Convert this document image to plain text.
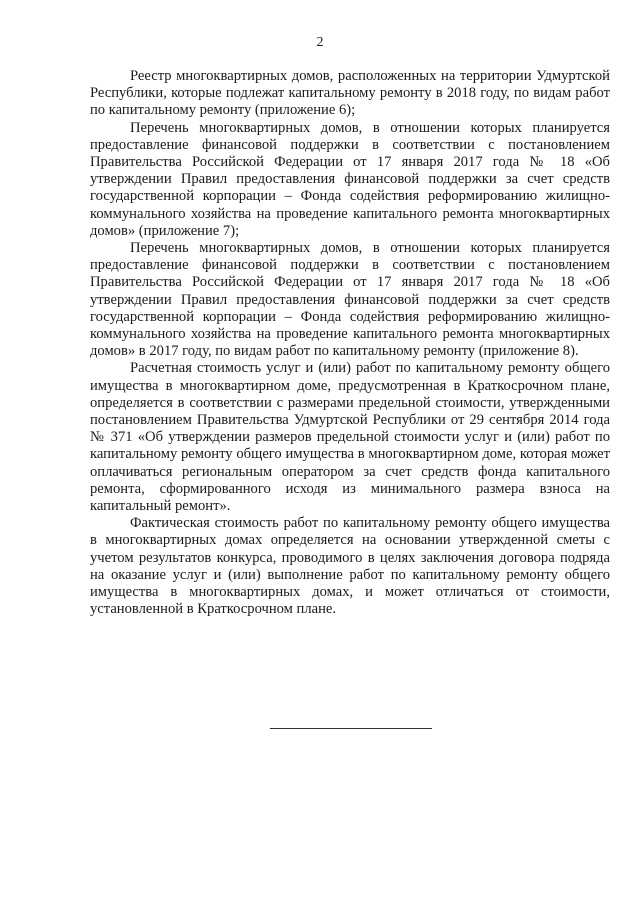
2

Реестр многоквартирных домов, расположенных на территории Удмуртской Республики, которые подлежат капитальному ремонту в 2018 году, по видам работ по капитальному ремонту (приложение 6);

Перечень многоквартирных домов, в отношении которых планируется предоставление финансовой поддержки в соответствии с постановлением Правительства Российской Федерации от 17 января 2017 года № 18 «Об утверждении Правил предоставления финансовой поддержки за счет средств государственной корпорации – Фонда содействия реформированию жилищно-коммунального хозяйства на проведение капитального ремонта многоквартирных домов» (приложение 7);

Перечень многоквартирных домов, в отношении которых планируется предоставление финансовой поддержки в соответствии с постановлением Правительства Российской Федерации от 17 января 2017 года № 18 «Об утверждении Правил предоставления финансовой поддержки за счет средств государственной корпорации – Фонда содействия реформированию жилищно-коммунального хозяйства на проведение капитального ремонта многоквартирных домов» в 2017 году, по видам работ по капитальному ремонту (приложение 8).

Расчетная стоимость услуг и (или) работ по капитальному ремонту общего имущества в многоквартирном доме, предусмотренная в Краткосрочном плане, определяется в соответствии с размерами предельной стоимости, утвержденными постановлением Правительства Удмуртской Республики от 29 сентября 2014 года № 371 «Об утверждении размеров предельной стоимости услуг и (или) работ по капитальному ремонту общего имущества в многоквартирном доме, которая может оплачиваться региональным оператором за счет средств фонда капитального ремонта, сформированного исходя из минимального размера взноса на капитальный ремонт».

Фактическая стоимость работ по капитальному ремонту общего имущества в многоквартирных домах определяется на основании утвержденной сметы с учетом результатов конкурса, проводимого в целях заключения договора подряда на оказание услуг и (или) выполнение работ по капитальному ремонту общего имущества в многоквартирных домах, и может отличаться от стоимости, установленной в Краткосрочном плане.
